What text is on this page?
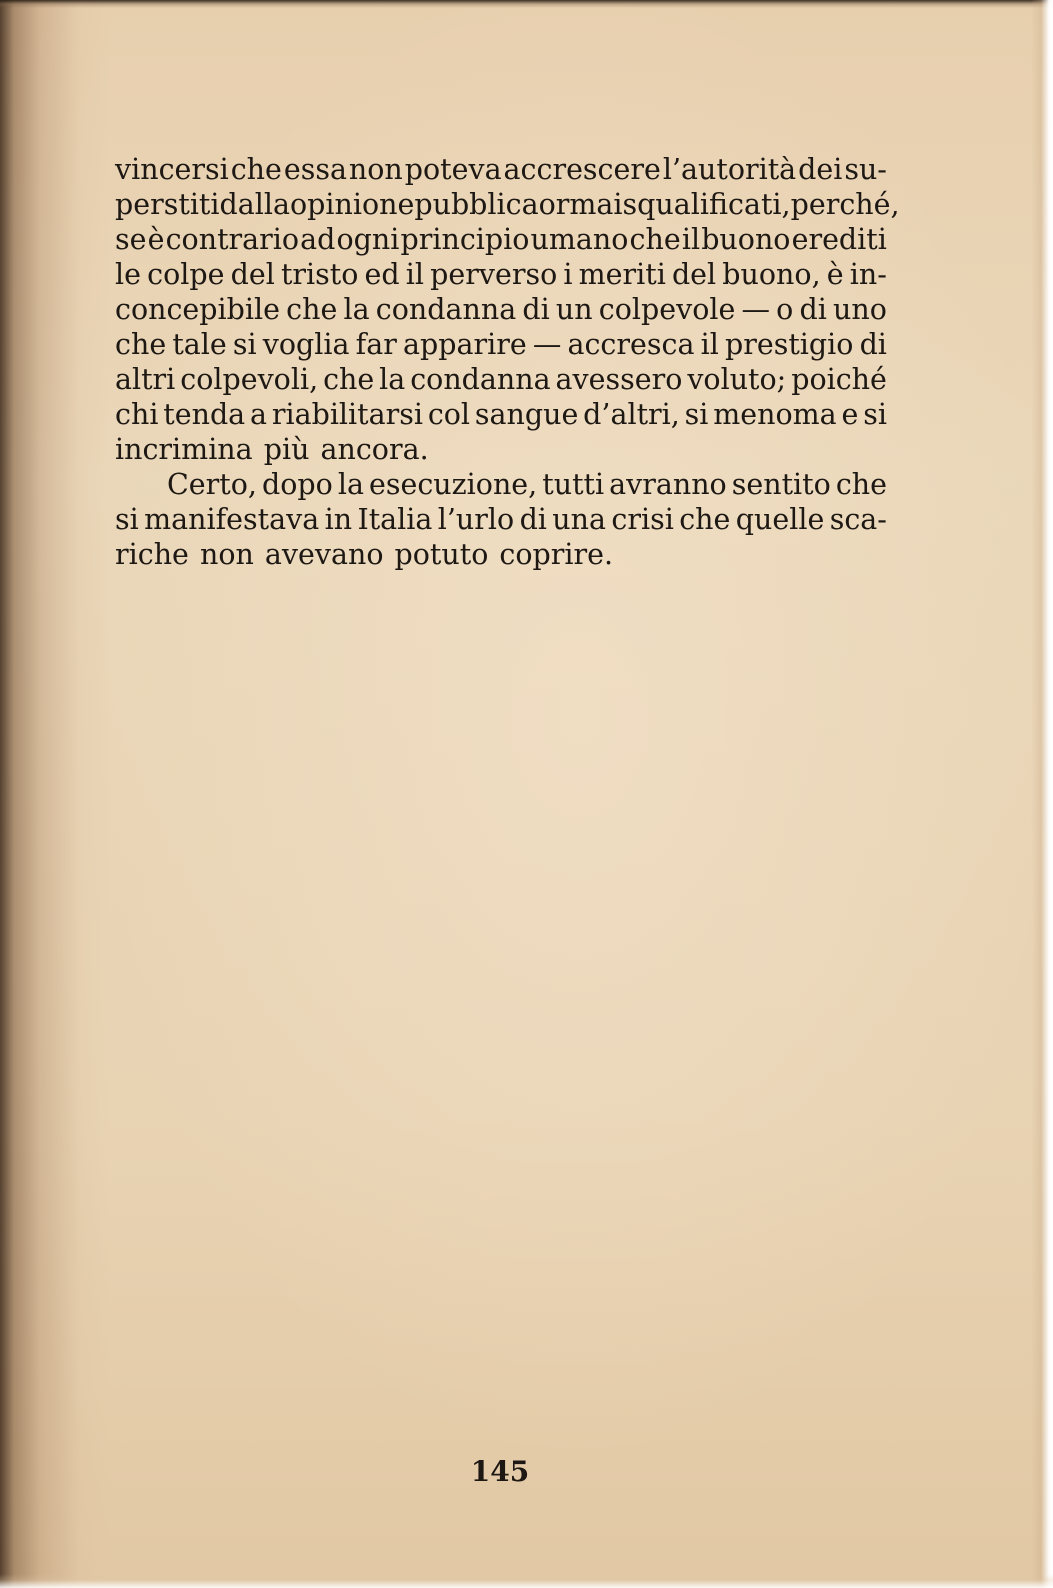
vincersi che essa non poteva accrescere l’autorità dei su-
perstiti dalla opinione pubblica ormai squalificati, perché,
se è contrario ad ogni principio umano che il buono erediti
le colpe del tristo ed il perverso i meriti del buono, è in-
concepibile che la condanna di un colpevole — o di uno
che tale si voglia far apparire — accresca il prestigio di
altri colpevoli, che la condanna avessero voluto; poiché
chi tenda a riabilitarsi col sangue d’altri, si menoma e si
incrimina più ancora.
Certo, dopo la esecuzione, tutti avranno sentito che
si manifestava in Italia l’urlo di una crisi che quelle sca-
riche non avevano potuto coprire.
145
